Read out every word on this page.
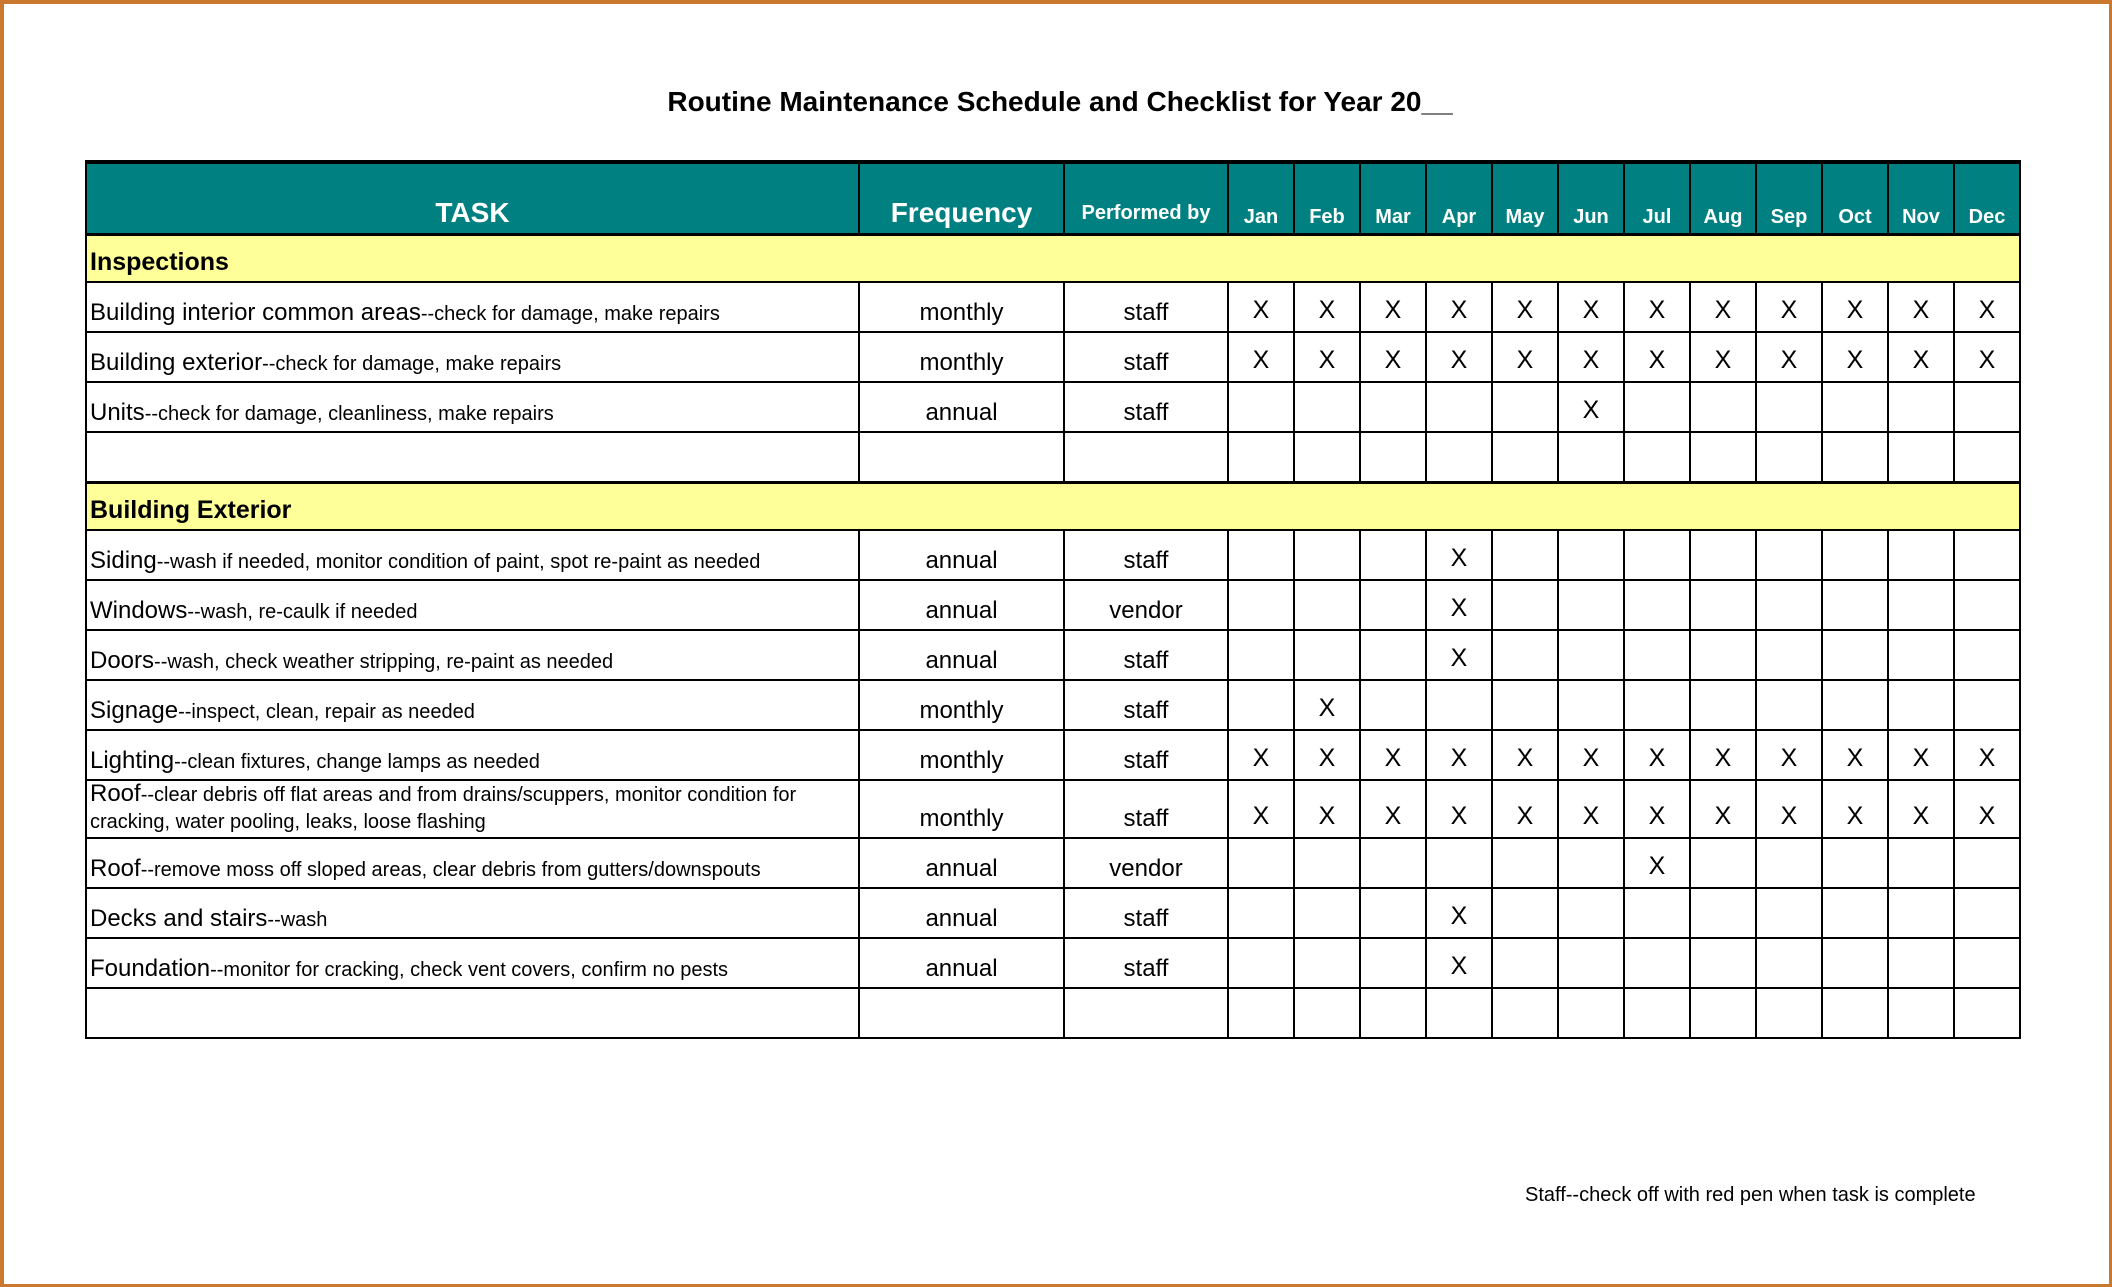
Routine Maintenance Schedule and Checklist for Year 20__
TASK	Frequency	Performed by	Jan	Feb	Mar	Apr	May	Jun	Jul	Aug	Sep	Oct	Nov	Dec
Inspections														
Building interior common areas--check for damage, make repairs	monthly	staff	X	X	X	X	X	X	X	X	X	X	X	X
Building exterior--check for damage, make repairs	monthly	staff	X	X	X	X	X	X	X	X	X	X	X	X
Units--check for damage, cleanliness, make repairs	annual	staff						X						

Building Exterior														
Siding--wash if needed, monitor condition of paint, spot re-paint as needed	annual	staff				X								
Windows--wash, re-caulk if needed	annual	vendor				X								
Doors--wash, check weather stripping, re-paint as needed	annual	staff				X								
Signage--inspect, clean, repair as needed	monthly	staff		X										
Lighting--clean fixtures, change lamps as needed	monthly	staff	X	X	X	X	X	X	X	X	X	X	X	X
Roof--clear debris off flat areas and from drains/scuppers, monitor condition for cracking, water pooling, leaks, loose flashing	monthly	staff	X	X	X	X	X	X	X	X	X	X	X	X
Roof--remove moss off sloped areas, clear debris from gutters/downspouts	annual	vendor							X					
Decks and stairs--wash	annual	staff				X								
Foundation--monitor for cracking, check vent covers, confirm no pests	annual	staff				X								

Staff--check off with red pen when task is complete
